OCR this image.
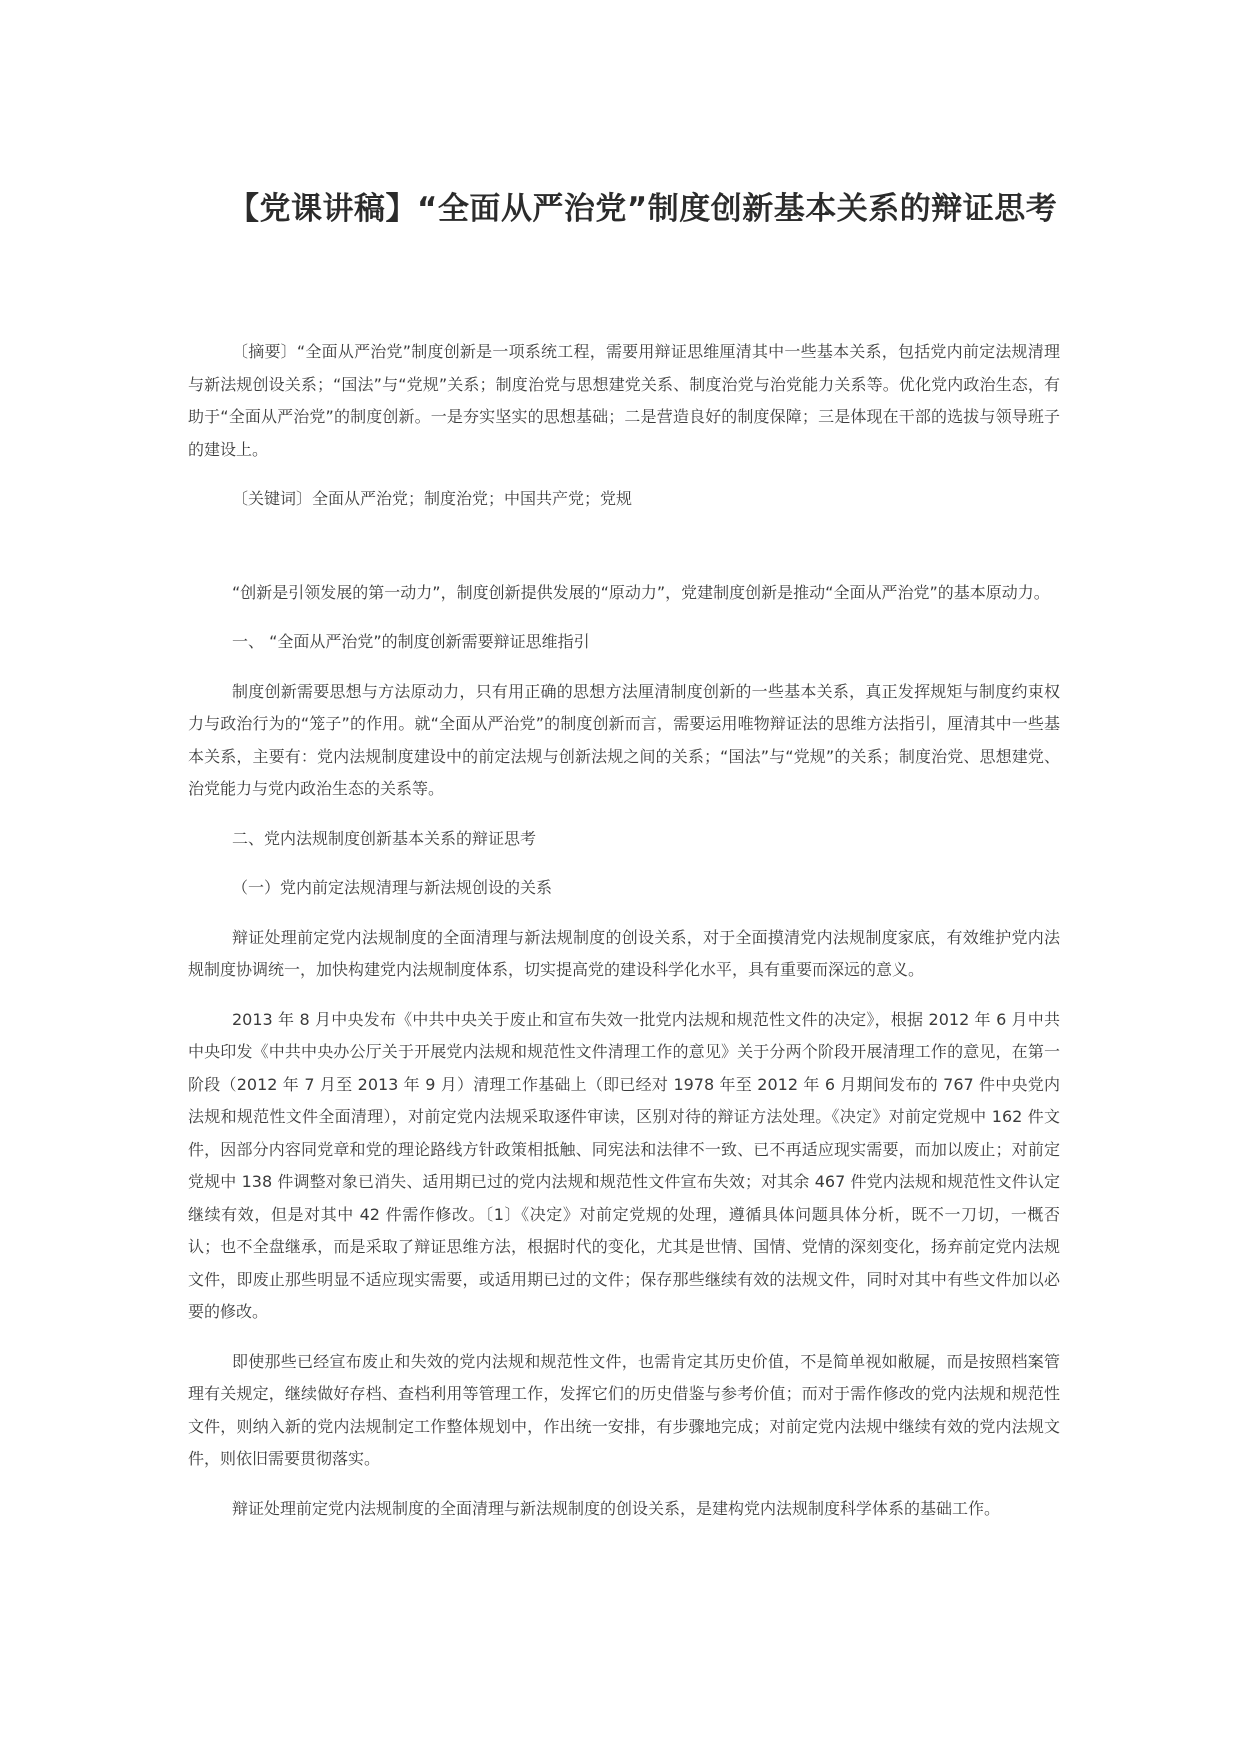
【党课讲稿】“全面从严治党”制度创新基本关系的辩证思考

〔摘要〕“全面从严治党”制度创新是一项系统工程，需要用辩证思维厘清其中一些基本关系，包括党内前定法规清理与新法规创设关系；“国法”与“党规”关系；制度治党与思想建党关系、制度治党与治党能力关系等。优化党内政治生态，有助于“全面从严治党”的制度创新。一是夯实坚实的思想基础；二是营造良好的制度保障；三是体现在干部的选拔与领导班子的建设上。

〔关键词〕全面从严治党；制度治党；中国共产党；党规

“创新是引领发展的第一动力”，制度创新提供发展的“原动力”，党建制度创新是推动“全面从严治党”的基本原动力。

一、 “全面从严治党”的制度创新需要辩证思维指引

制度创新需要思想与方法原动力，只有用正确的思想方法厘清制度创新的一些基本关系，真正发挥规矩与制度约束权力与政治行为的“笼子”的作用。就“全面从严治党”的制度创新而言，需要运用唯物辩证法的思维方法指引，厘清其中一些基本关系，主要有：党内法规制度建设中的前定法规与创新法规之间的关系；“国法”与“党规”的关系；制度治党、思想建党、治党能力与党内政治生态的关系等。

二、党内法规制度创新基本关系的辩证思考

（一）党内前定法规清理与新法规创设的关系

辩证处理前定党内法规制度的全面清理与新法规制度的创设关系，对于全面摸清党内法规制度家底，有效维护党内法规制度协调统一，加快构建党内法规制度体系，切实提高党的建设科学化水平，具有重要而深远的意义。

2013 年 8 月中央发布《中共中央关于废止和宣布失效一批党内法规和规范性文件的决定》，根据 2012 年 6 月中共中央印发《中共中央办公厅关于开展党内法规和规范性文件清理工作的意见》关于分两个阶段开展清理工作的意见，在第一阶段（2012 年 7 月至 2013 年 9 月）清理工作基础上（即已经对 1978 年至 2012 年 6 月期间发布的 767 件中央党内法规和规范性文件全面清理），对前定党内法规采取逐件审读，区别对待的辩证方法处理。《决定》对前定党规中 162 件文件，因部分内容同党章和党的理论路线方针政策相抵触、同宪法和法律不一致、已不再适应现实需要，而加以废止；对前定党规中 138 件调整对象已消失、适用期已过的党内法规和规范性文件宣布失效；对其余 467 件党内法规和规范性文件认定继续有效，但是对其中 42 件需作修改。〔1〕《决定》对前定党规的处理，遵循具体问题具体分析，既不一刀切，一概否认；也不全盘继承，而是采取了辩证思维方法，根据时代的变化，尤其是世情、国情、党情的深刻变化，扬弃前定党内法规文件，即废止那些明显不适应现实需要，或适用期已过的文件；保存那些继续有效的法规文件，同时对其中有些文件加以必要的修改。

即使那些已经宣布废止和失效的党内法规和规范性文件，也需肯定其历史价值，不是简单视如敝屣，而是按照档案管理有关规定，继续做好存档、查档利用等管理工作，发挥它们的历史借鉴与参考价值；而对于需作修改的党内法规和规范性文件，则纳入新的党内法规制定工作整体规划中，作出统一安排，有步骤地完成；对前定党内法规中继续有效的党内法规文件，则依旧需要贯彻落实。

辩证处理前定党内法规制度的全面清理与新法规制度的创设关系，是建构党内法规制度科学体系的基础工作。
